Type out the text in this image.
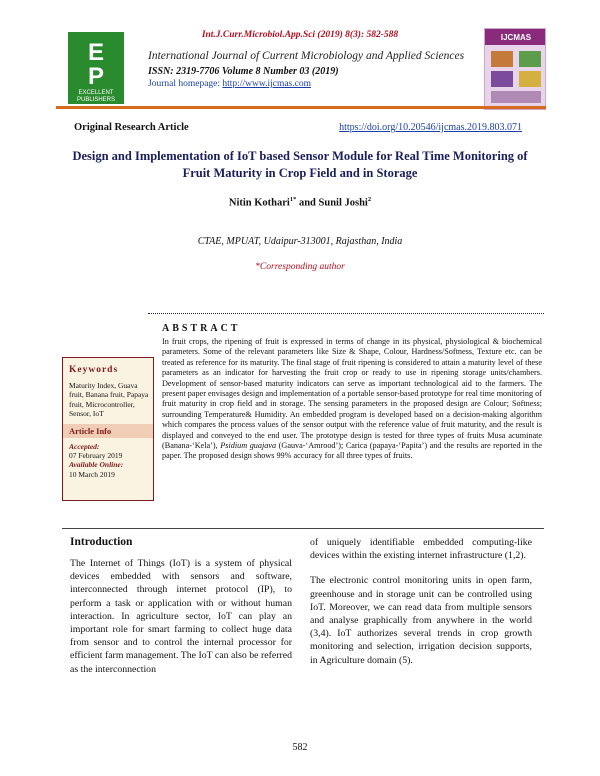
Int.J.Curr.Microbiol.App.Sci (2019) 8(3): 582-588
E
P
EXCELLENT
PUBLISHERS
International Journal of Current Microbiology and Applied Sciences
ISSN: 2319-7706 Volume 8 Number 03 (2019)
Journal homepage: http://www.ijcmas.com
IJCMAS
Original Research Article	https://doi.org/10.20546/ijcmas.2019.803.071
Design and Implementation of IoT based Sensor Module for Real Time Monitoring of Fruit Maturity in Crop Field and in Storage
Nitin Kothari$^{1*}$ and Sunil Joshi$^2$
CTAE, MPUAT, Udaipur-313001, Rajasthan, India
*Corresponding author
ABSTRACT
Keywords
Maturity Index, Guava fruit, Banana fruit, Papaya fruit, Microcontroller, Sensor, IoT
Article Info
Accepted:
07 February 2019
Available Online:
10 March 2019
In fruit crops, the ripening of fruit is expressed in terms of change in its physical, physiological & biochemical parameters. Some of the relevant parameters like Size & Shape, Colour, Hardness/Softness, Texture etc. can be treated as reference for its maturity. The final stage of fruit ripening is considered to attain a maturity level of these parameters as an indicator for harvesting the fruit crop or ready to use in ripening storage units/chambers. Development of sensor-based maturity indicators can serve as important technological aid to the farmers. The present paper envisages design and implementation of a portable sensor-based prototype for real time monitoring of fruit maturity in crop field and in storage. The sensing parameters in the proposed design are Colour; Softness; surrounding Temperature& Humidity. An embedded program is developed based on a decision-making algorithm which compares the process values of the sensor output with the reference value of fruit maturity, and the result is displayed and conveyed to the end user. The prototype design is tested for three types of fruits Musa acuminate (Banana-‘Kela’), Psidium guajava (Gauva-‘Amrood’); Carica (papaya-‘Papita’) and the results are reported in the paper. The proposed design shows 99% accuracy for all three types of fruits.
Introduction

The Internet of Things (IoT) is a system of physical devices embedded with sensors and software, interconnected through internet protocol (IP), to perform a task or application with or without human interaction. In agriculture sector, IoT can play an important role for smart farming to collect huge data from sensor and to control the internal processor for efficient farm management. The IoT can also be referred as the interconnection

of uniquely identifiable embedded computing-like devices within the existing internet infrastructure (1,2).

The electronic control monitoring units in open farm, greenhouse and in storage unit can be controlled using IoT. Moreover, we can read data from multiple sensors and analyse graphically from anywhere in the world (3,4). IoT authorizes several trends in crop growth monitoring and selection, irrigation decision supports, in Agriculture domain (5).

582
